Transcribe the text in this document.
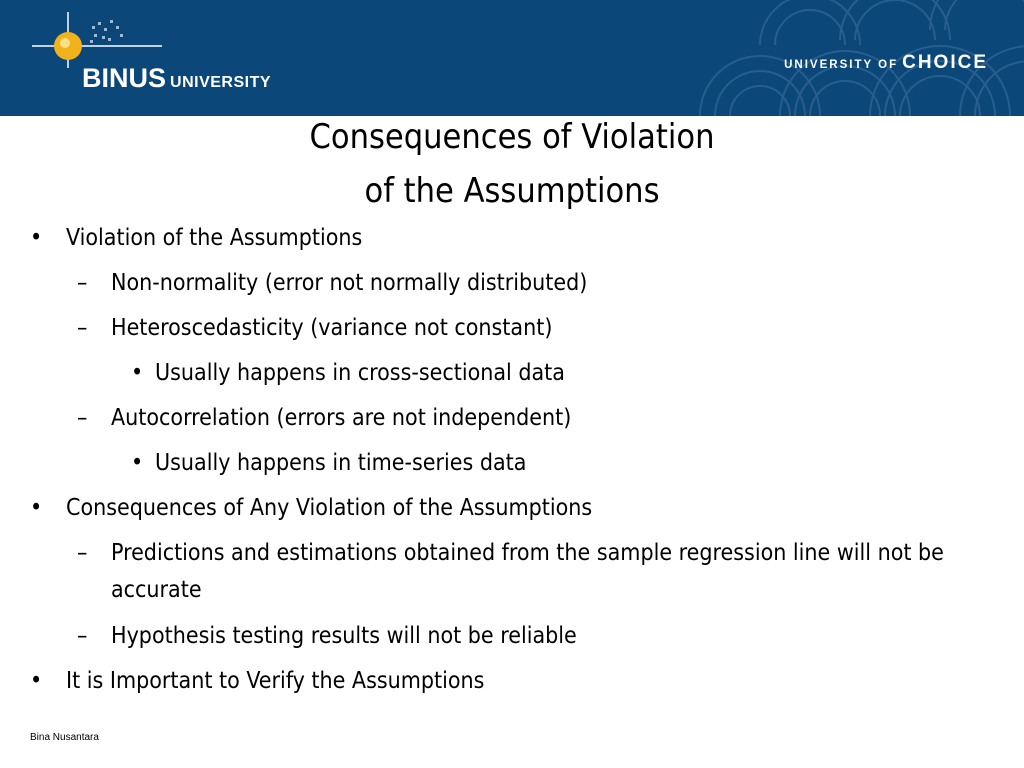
BINUS UNIVERSITY
UNIVERSITY OF CHOICE
Consequences of Violation
of the Assumptions
• Violation of the Assumptions
– Non-normality (error not normally distributed)
– Heteroscedasticity (variance not constant)
• Usually happens in cross-sectional data
– Autocorrelation (errors are not independent)
• Usually happens in time-series data
• Consequences of Any Violation of the Assumptions
– Predictions and estimations obtained from the sample regression line will not be accurate
– Hypothesis testing results will not be reliable
• It is Important to Verify the Assumptions
Bina Nusantara
